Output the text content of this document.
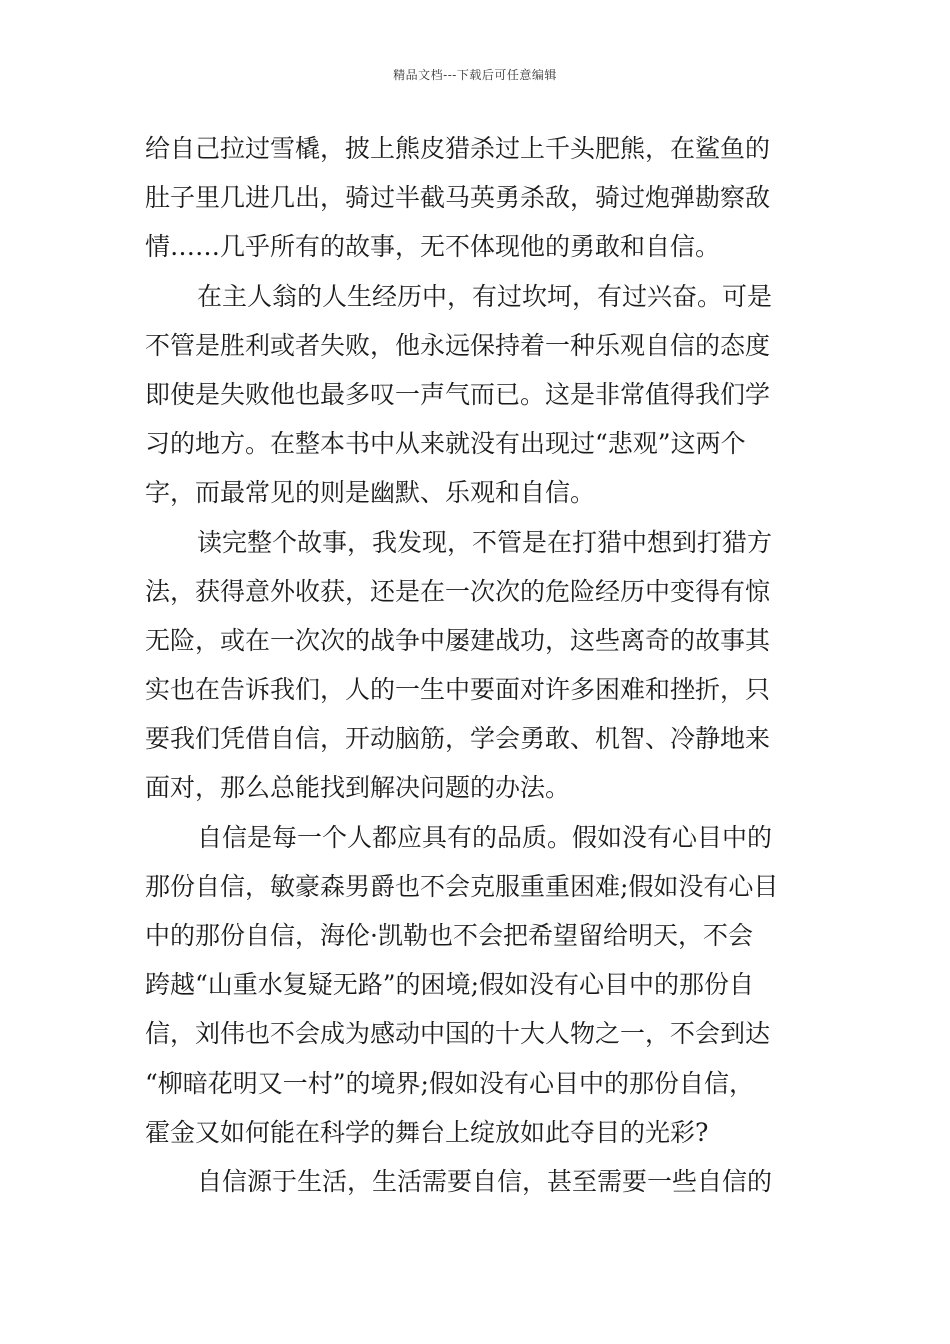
精品文档---下载后可任意编辑
给自己拉过雪橇，披上熊皮猎杀过上千头肥熊，在鲨鱼的
肚子里几进几出，骑过半截马英勇杀敌，骑过炮弹勘察敌
情……几乎所有的故事，无不体现他的勇敢和自信。
在主人翁的人生经历中，有过坎坷，有过兴奋。可是
不管是胜利或者失败，他永远保持着一种乐观自信的态度
即使是失败他也最多叹一声气而已。这是非常值得我们学
习的地方。在整本书中从来就没有出现过“悲观”这两个
字，而最常见的则是幽默、乐观和自信。
读完整个故事，我发现，不管是在打猎中想到打猎方
法，获得意外收获，还是在一次次的危险经历中变得有惊
无险，或在一次次的战争中屡建战功，这些离奇的故事其
实也在告诉我们，人的一生中要面对许多困难和挫折，只
要我们凭借自信，开动脑筋，学会勇敢、机智、冷静地来
面对，那么总能找到解决问题的办法。
自信是每一个人都应具有的品质。假如没有心目中的
那份自信，敏豪森男爵也不会克服重重困难;假如没有心目
中的那份自信，海伦·凯勒也不会把希望留给明天，不会
跨越“山重水复疑无路”的困境;假如没有心目中的那份自
信，刘伟也不会成为感动中国的十大人物之一，不会到达
“柳暗花明又一村”的境界;假如没有心目中的那份自信，
霍金又如何能在科学的舞台上绽放如此夺目的光彩?
自信源于生活，生活需要自信，甚至需要一些自信的
